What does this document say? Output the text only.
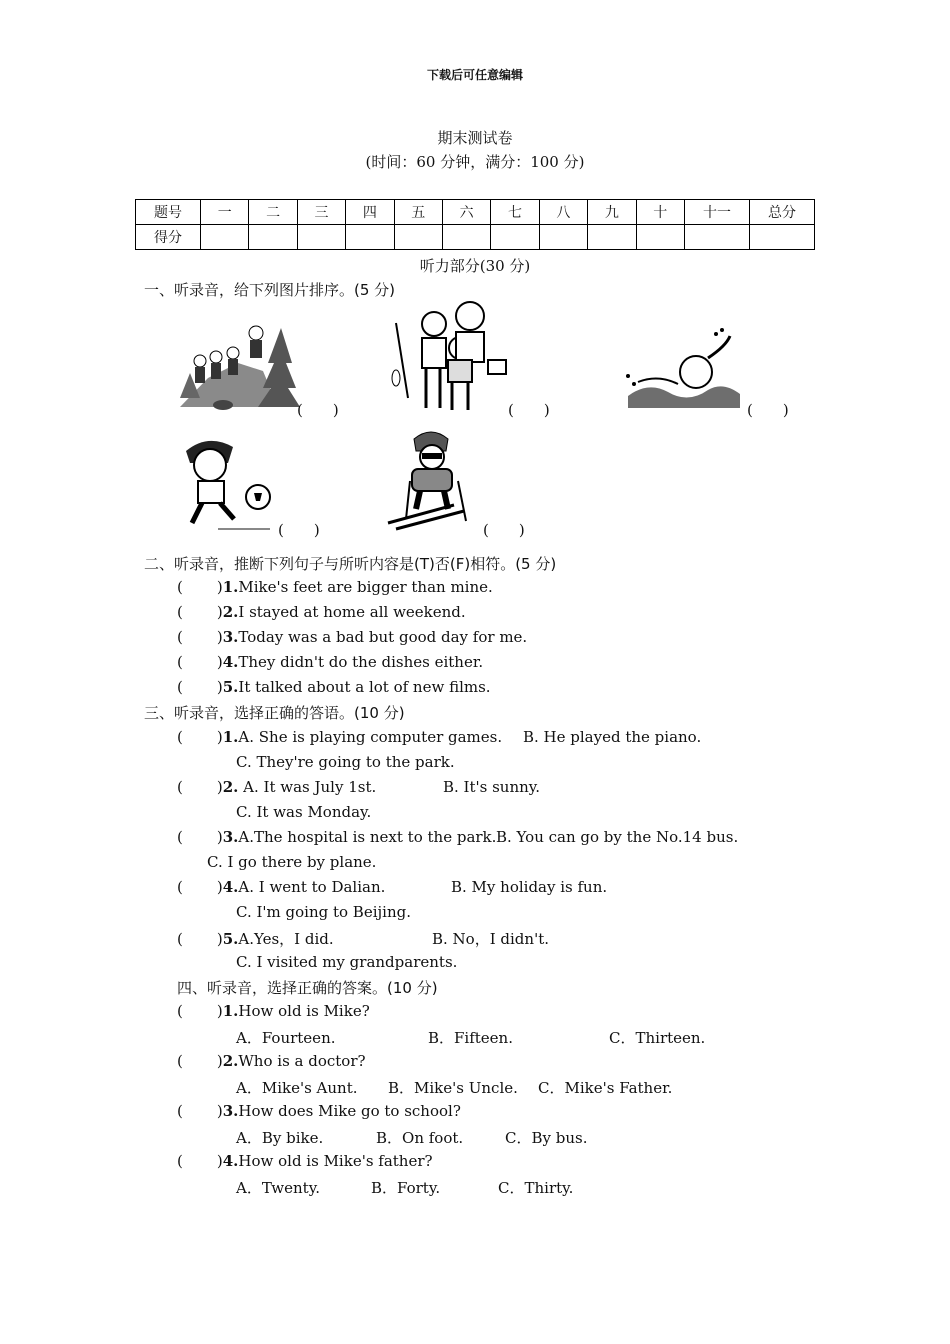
下载后可任意编辑
期末测试卷
(时间：60 分钟，满分：100 分)
题号	一	二	三	四	五	六	七	八	九	十	十一	总分
得分												
听力部分(30 分)
一、听录音，给下列图片排序。(5 分)
(　　)	(　　)	(　　)
(　　)	(　　)
二、听录音，推断下列句子与所听内容是(T)否(F)相符。(5 分)
( )1.Mike's feet are bigger than mine.
( )2.I stayed at home all weekend.
( )3.Today was a bad but good day for me.
( )4.They didn't do the dishes either.
( )5.It talked about a lot of new films.
三、听录音，选择正确的答语。(10 分)
( )1.A. She is playing computer games. B. He played the piano.
C. They're going to the park.
( )2. A. It was July 1st.	B. It's sunny.
C. It was Monday.
( )3.A.The hospital is next to the park. B. You can go by the No.14 bus.
C. I go there by plane.
( )4.A. I went to Dalian.	B. My holiday is fun.
C. I'm going to Beijing.
( )5.A.Yes，I did.	B. No，I didn't.
C. I visited my grandparents.
四、听录音，选择正确的答案。(10 分)
( )1.How old is Mike?
A．Fourteen.	B．Fifteen.	C．Thirteen.
( )2.Who is a doctor?
A．Mike's Aunt. B．Mike's Uncle. C．Mike's Father.
( )3.How does Mike go to school?
A．By bike.	B．On foot.	C．By bus.
( )4.How old is Mike's father?
A．Twenty.	B．Forty.	C．Thirty.
